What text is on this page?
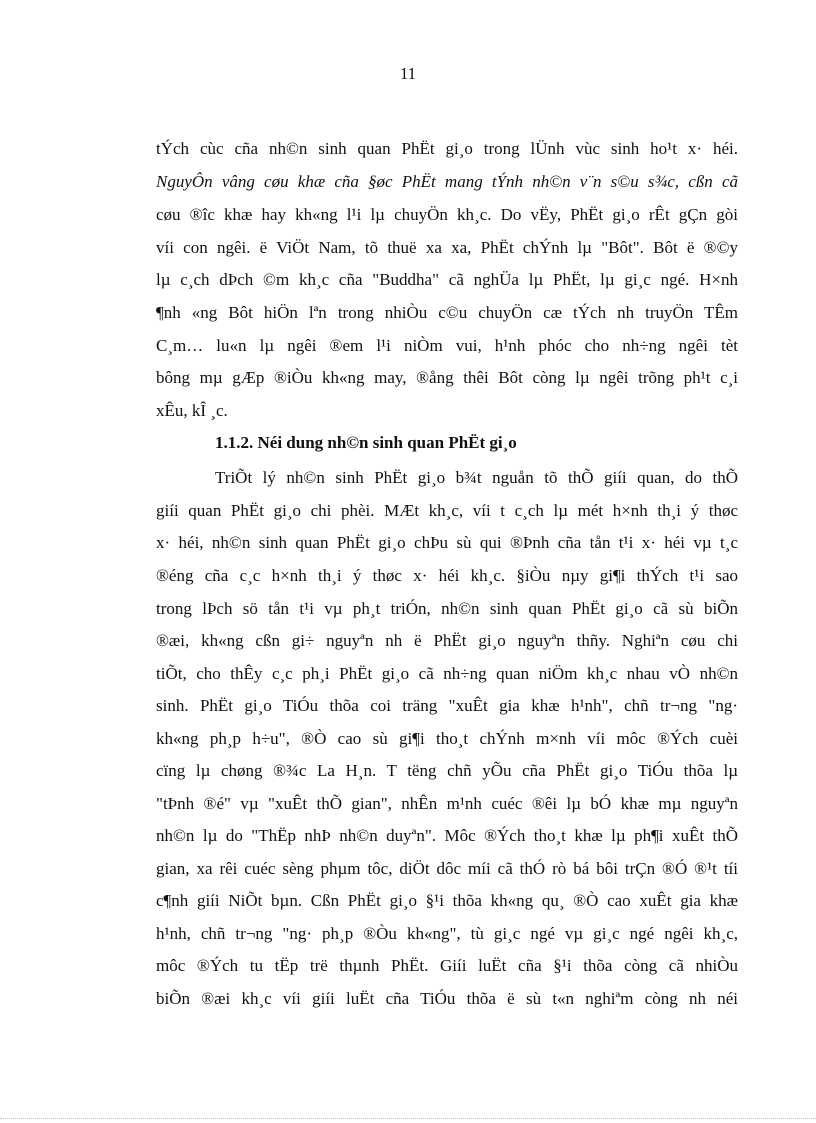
11
tÝch cùc cña nh©n sinh quan PhËt gi¸o trong lÜnh vùc sinh ho¹t x· héi.
NguyÔn vâng cøu khæ cña §øc PhËt mang tÝnh nh©n v¨n s©u s¾c, cßn cã
cøu ®îc khæ hay kh«ng l¹i lµ chuyÖn kh¸c. Do vËy, PhËt gi¸o rÊt gÇn gòi
víi con ngêi. ë ViÖt Nam, tõ thuë xa xa, PhËt chÝnh lµ "Bôt". Bôt ë ®©y
lµ c¸ch dÞch ©m kh¸c cña "Buddha" cã nghÜa lµ PhËt, lµ gi¸c ngé. H×nh
¶nh «ng Bôt hiÖn lªn trong nhiÒu c©u chuyÖn cæ tÝch nh truyÖn TÊm
C¸m… lu«n lµ ngêi ®em l¹i niÒm vui, h¹nh phóc cho nh÷ng ngêi tèt
bông mµ gÆp ®iÒu kh«ng may, ®ång thêi Bôt còng lµ ngêi trõng ph¹t c¸i
xÊu, kÎ ¸c.
1.1.2. Néi dung nh©n sinh quan PhËt gi¸o
TriÕt lý nh©n sinh PhËt gi¸o b¾t nguån tõ thÕ giíi quan, do thÕ
giíi quan PhËt gi¸o chi phèi. MÆt kh¸c, víi t c¸ch lµ mét h×nh th¸i ý thøc
x· héi, nh©n sinh quan PhËt gi¸o chÞu sù qui ®Þnh cña tån t¹i x· héi vµ t¸c
®éng cña c¸c h×nh th¸i ý thøc x· héi kh¸c. §iÒu nµy gi¶i thÝch t¹i sao
trong lÞch sö tån t¹i vµ ph¸t triÓn, nh©n sinh quan PhËt gi¸o cã sù biÕn
®æi, kh«ng cßn gi÷ nguyªn nh ë PhËt gi¸o nguyªn thñy. Nghiªn cøu chi
tiÕt, cho thÊy c¸c ph¸i PhËt gi¸o cã nh÷ng quan niÖm kh¸c nhau vÒ nh©n
sinh. PhËt gi¸o TiÓu thõa coi träng "xuÊt gia khæ h¹nh", chñ tr¬ng "ng·
kh«ng ph¸p h÷u", ®Ò cao sù gi¶i tho¸t chÝnh m×nh víi môc ®Ých cuèi
cïng lµ chøng ®¾c La H¸n. T tëng chñ yÕu cña PhËt gi¸o TiÓu thõa lµ
"tÞnh ®é" vµ "xuÊt thÕ gian", nhÊn m¹nh cuéc ®êi lµ bÓ khæ mµ nguyªn
nh©n lµ do "ThËp nhÞ nh©n duyªn". Môc ®Ých tho¸t khæ lµ ph¶i xuÊt thÕ
gian, xa rêi cuéc sèng phµm tôc, diÖt dôc míi cã thÓ rò bá bôi trÇn ®Ó ®¹t tíi
c¶nh giíi NiÕt bµn. Cßn PhËt gi¸o §¹i thõa kh«ng qu¸ ®Ò cao xuÊt gia khæ
h¹nh, chñ tr¬ng "ng· ph¸p ®Òu kh«ng", tù gi¸c ngé vµ gi¸c ngé ngêi kh¸c,
môc ®Ých tu tËp trë thµnh PhËt. Giíi luËt cña §¹i thõa còng cã nhiÒu
biÕn ®æi kh¸c víi giíi luËt cña TiÓu thõa ë sù t«n nghiªm còng nh néi
